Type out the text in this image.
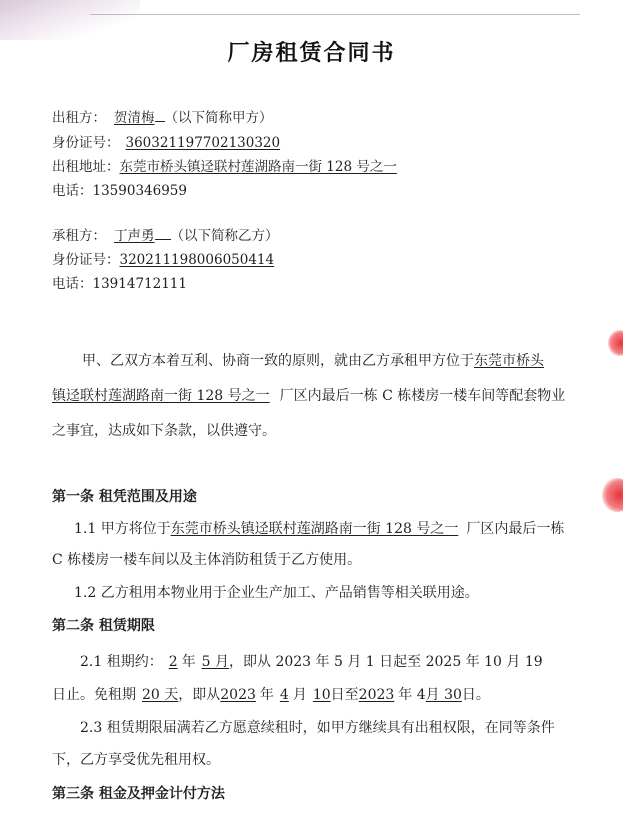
厂房租赁合同书
出租方： 贺清梅 （以下简称甲方）
身份证号： 360321197702130320
出租地址：东莞市桥头镇迳联村莲湖路南一街 128 号之一
电话：13590346959
承租方： 丁声勇 （以下简称乙方）
身份证号：320211198006050414
电话：13914712111
甲、乙双方本着互利、协商一致的原则，就由乙方承租甲方位于东莞市桥头
镇迳联村莲湖路南一街 128 号之一 厂区内最后一栋 C 栋楼房一楼车间等配套物业
之事宜，达成如下条款，以供遵守。
第一条 租凭范围及用途
1.1 甲方将位于东莞市桥头镇迳联村莲湖路南一街 128 号之一 厂区内最后一栋
C 栋楼房一楼车间以及主体消防租赁于乙方使用。
1.2 乙方租用本物业用于企业生产加工、产品销售等相关联用途。
第二条 租赁期限
2.1 租期约： 2 年 5 月，即从 2023 年 5 月 1 日起至 2025 年 10 月 19
日止。免租期 20 天，即从2023 年 4 月 10日至2023 年 4月 30日。
2.3 租赁期限届满若乙方愿意续租时，如甲方继续具有出租权限，在同等条件
下，乙方享受优先租用权。
第三条 租金及押金计付方法
